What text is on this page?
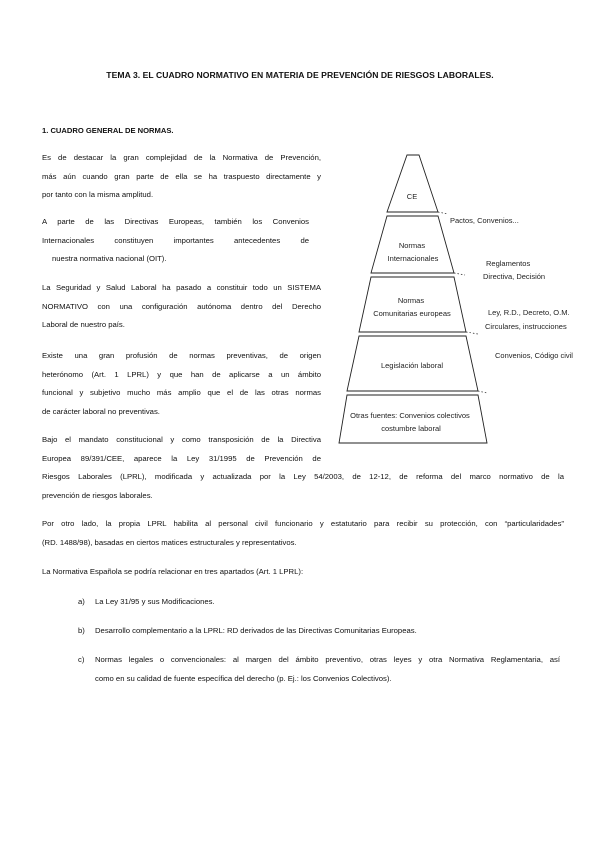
TEMA 3. EL CUADRO NORMATIVO EN MATERIA DE PREVENCIÓN DE RIESGOS LABORALES.
1. CUADRO GENERAL DE NORMAS.

Es de destacar la gran complejidad de la Normativa de Prevención,
más aún cuando gran parte de ella se ha traspuesto directamente y
por tanto con la misma amplitud.

A parte de las Directivas Europeas, también los Convenios
Internacionales constituyen importantes antecedentes de
nuestra normativa nacional (OIT).

La Seguridad y Salud Laboral ha pasado a constituir todo un SISTEMA
NORMATIVO con una configuración autónoma dentro del Derecho
Laboral de nuestro país.

Existe una gran profusión de normas preventivas, de origen
heterónomo (Art. 1 LPRL) y que han de aplicarse a un ámbito
funcional y subjetivo mucho más amplio que el de las otras normas
de carácter laboral no preventivas.

Bajo el mandato constitucional y como transposición de la Directiva
Europea 89/391/CEE, aparece la Ley 31/1995 de Prevención de
Riesgos Laborales (LPRL), modificada y actualizada por la Ley 54/2003, de 12-12, de reforma del marco normativo de la
prevención de riesgos laborales.

Por otro lado, la propia LPRL habilita al personal civil funcionario y estatutario para recibir su protección, con “particularidades”
(RD. 1488/98), basadas en ciertos matices estructurales y representativos.

La Normativa Española se podría relacionar en tres apartados (Art. 1 LPRL):

a) La Ley 31/95 y sus Modificaciones.
b) Desarrollo complementario a la LPRL: RD derivados de las Directivas Comunitarias Europeas.
c) Normas legales o convencionales: al margen del ámbito preventivo, otras leyes y otra Normativa Reglamentaria, así
como en su calidad de fuente específica del derecho (p. Ej.: los Convenios Colectivos).
CE
Normas Internacionales
Normas Comunitarias europeas
Legislación laboral
Otras fuentes: Convenios colectivos costumbre laboral
Pactos, Convenios...
Reglamentos Directiva, Decisión
Ley, R.D., Decreto, O.M. Circulares, instrucciones
Convenios, Código civil
